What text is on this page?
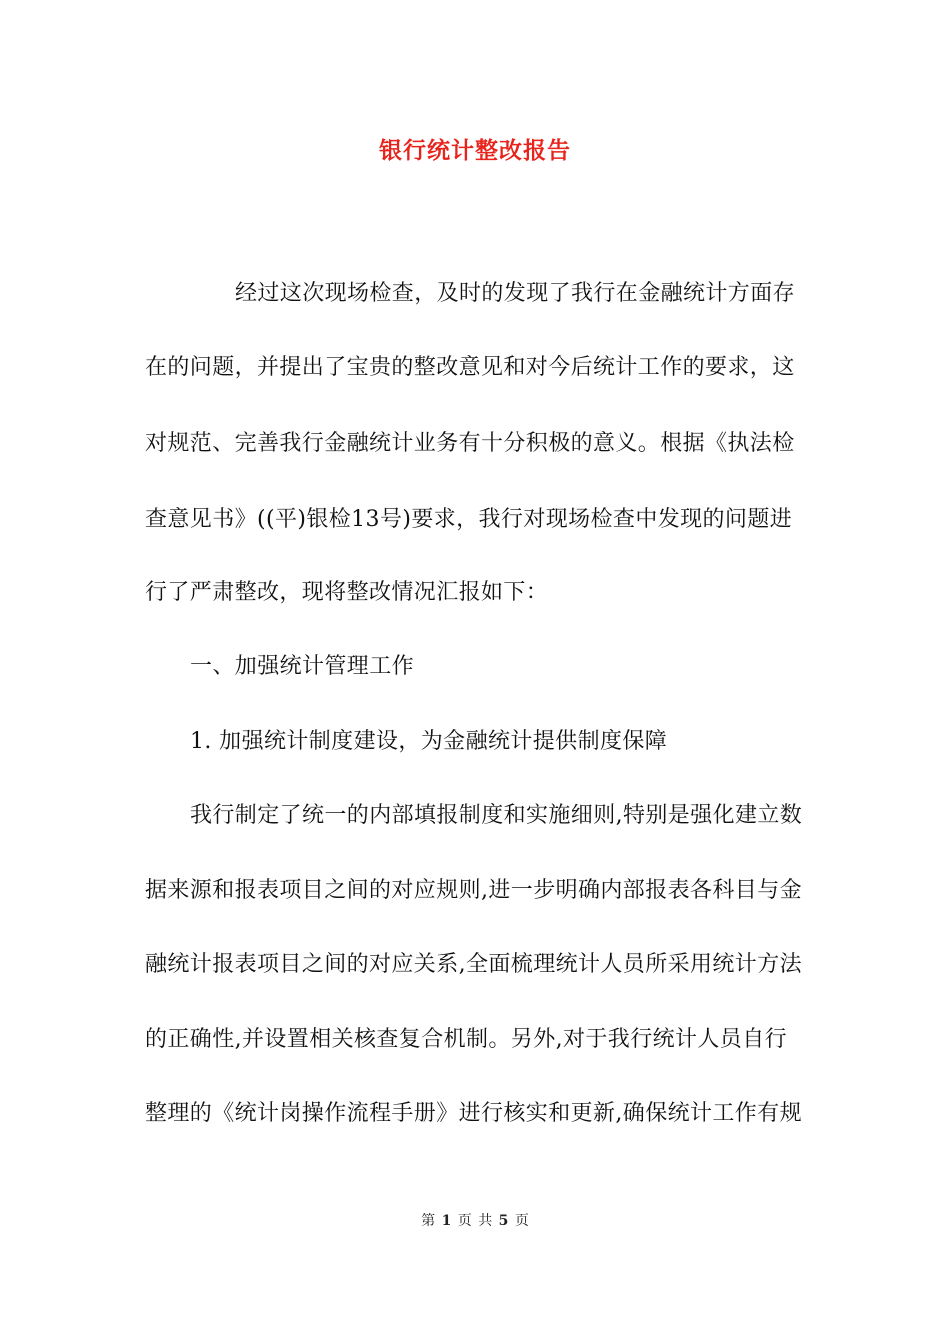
银行统计整改报告
经过这次现场检查，及时的发现了我行在金融统计方面存
在的问题，并提出了宝贵的整改意见和对今后统计工作的要求，这
对规范、完善我行金融统计业务有十分积极的意义。根据《执法检
查意见书》((平)银检13号)要求，我行对现场检查中发现的问题进
行了严肃整改，现将整改情况汇报如下：
一、加强统计管理工作
1. 加强统计制度建设，为金融统计提供制度保障
我行制定了统一的内部填报制度和实施细则,特别是强化建立数
据来源和报表项目之间的对应规则,进一步明确内部报表各科目与金
融统计报表项目之间的对应关系,全面梳理统计人员所采用统计方法
的正确性,并设置相关核查复合机制。另外,对于我行统计人员自行
整理的《统计岗操作流程手册》进行核实和更新,确保统计工作有规
第 1 页 共 5 页
